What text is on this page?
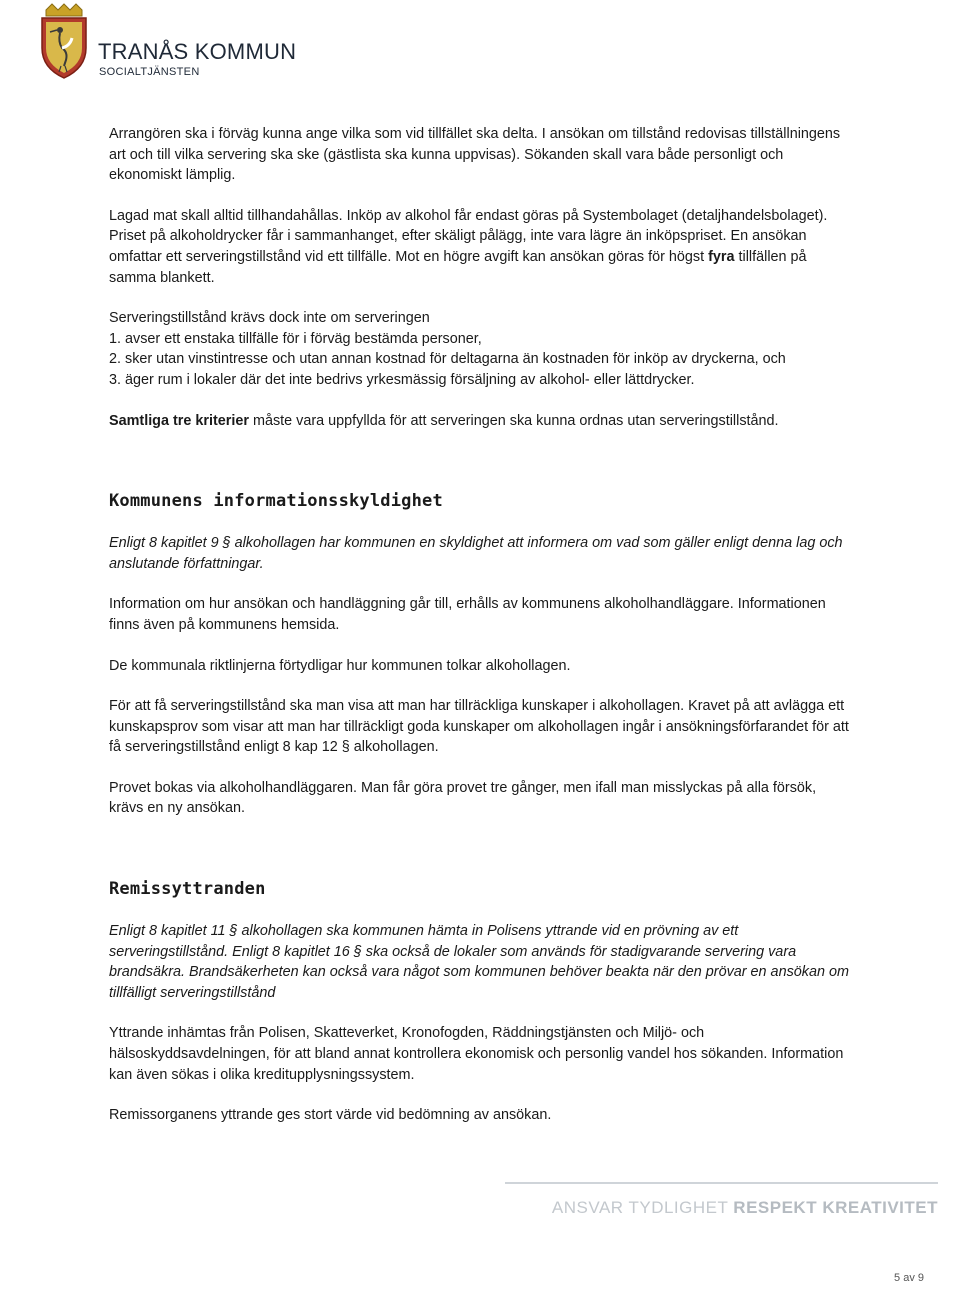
TRANÅS KOMMUN
SOCIALTJÄNSTEN

Arrangören ska i förväg kunna ange vilka som vid tillfället ska delta. I ansökan om tillstånd redovisas tillställningens art och till vilka servering ska ske (gästlista ska kunna uppvisas). Sökanden skall vara både personligt och ekonomiskt lämplig.

Lagad mat skall alltid tillhandahållas. Inköp av alkohol får endast göras på Systembolaget (detaljhandelsbolaget). Priset på alkoholdrycker får i sammanhanget, efter skäligt pålägg, inte vara lägre än inköpspriset. En ansökan omfattar ett serveringstillstånd vid ett tillfälle. Mot en högre avgift kan ansökan göras för högst fyra tillfällen på samma blankett.

Serveringstillstånd krävs dock inte om serveringen

1. avser ett enstaka tillfälle för i förväg bestämda personer,

2. sker utan vinstintresse och utan annan kostnad för deltagarna än kostnaden för inköp av dryckerna, och

3. äger rum i lokaler där det inte bedrivs yrkesmässig försäljning av alkohol- eller lättdrycker.

Samtliga tre kriterier måste vara uppfyllda för att serveringen ska kunna ordnas utan serveringstillstånd.

Kommunens informationsskyldighet

Enligt 8 kapitlet 9 § alkohollagen har kommunen en skyldighet att informera om vad som gäller enligt denna lag och anslutande författningar.

Information om hur ansökan och handläggning går till, erhålls av kommunens alkoholhandläggare. Informationen finns även på kommunens hemsida.

De kommunala riktlinjerna förtydligar hur kommunen tolkar alkohollagen.

För att få serveringstillstånd ska man visa att man har tillräckliga kunskaper i alkohollagen. Kravet på att avlägga ett kunskapsprov som visar att man har tillräckligt goda kunskaper om alkohollagen ingår i ansökningsförfarandet för att få serveringstillstånd enligt 8 kap 12 § alkohollagen.

Provet bokas via alkoholhandläggaren. Man får göra provet tre gånger, men ifall man misslyckas på alla försök, krävs en ny ansökan.

Remissyttranden

Enligt 8 kapitlet 11 § alkohollagen ska kommunen hämta in Polisens yttrande vid en prövning av ett serveringstillstånd. Enligt 8 kapitlet 16 § ska också de lokaler som används för stadigvarande servering vara brandsäkra. Brandsäkerheten kan också vara något som kommunen behöver beakta när den prövar en ansökan om tillfälligt serveringstillstånd

Yttrande inhämtas från Polisen, Skatteverket, Kronofogden, Räddningstjänsten och Miljö- och hälsoskyddsavdelningen, för att bland annat kontrollera ekonomisk och personlig vandel hos sökanden. Information kan även sökas i olika kreditupplysningssystem.

Remissorganens yttrande ges stort värde vid bedömning av ansökan.

ANSVAR TYDLIGHET RESPEKT KREATIVITET
5 av 9
